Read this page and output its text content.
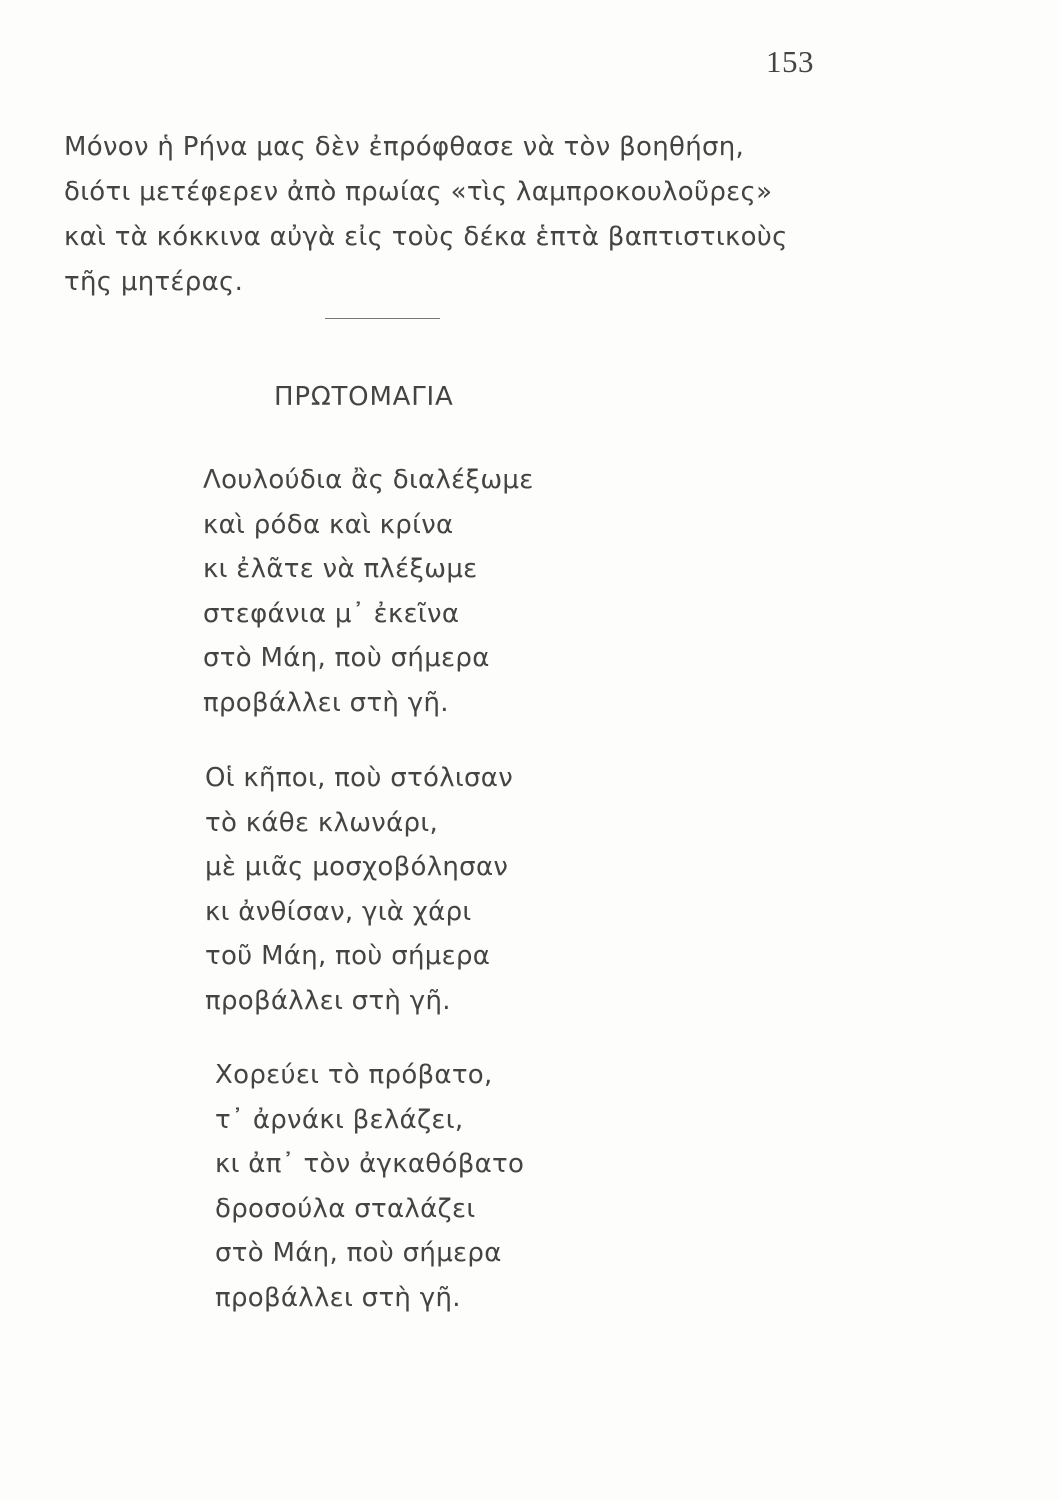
153
Μόνον ἡ Ρήνα μας δὲν ἐπρόφθασε νὰ τὸν βοηθήση,
διότι μετέφερεν ἀπὸ πρωίας «τὶς λαμπροκουλοῦρες»
καὶ τὰ κόκκινα αὐγὰ εἰς τοὺς δέκα ἑπτὰ βαπτιστικοὺς
τῆς μητέρας.
ΠΡΩΤΟΜΑΓΙΑ
Λουλούδια ἂς διαλέξωμε
καὶ ρόδα καὶ κρίνα
κι ἐλᾶτε νὰ πλέξωμε
στεφάνια μ᾽ ἐκεῖνα
στὸ Μάη, ποὺ σήμερα
προβάλλει στὴ γῆ.
Οἱ κῆποι, ποὺ στόλισαν
τὸ κάθε κλωνάρι,
μὲ μιᾶς μοσχοβόλησαν
κι ἀνθίσαν, γιὰ χάρι
τοῦ Μάη, ποὺ σήμερα
προβάλλει στὴ γῆ.
Χορεύει τὸ πρόβατο,
τ᾽ ἀρνάκι βελάζει,
κι ἀπ᾽ τὸν ἀγκαθόβατο
δροσούλα σταλάζει
στὸ Μάη, ποὺ σήμερα
προβάλλει στὴ γῆ.
